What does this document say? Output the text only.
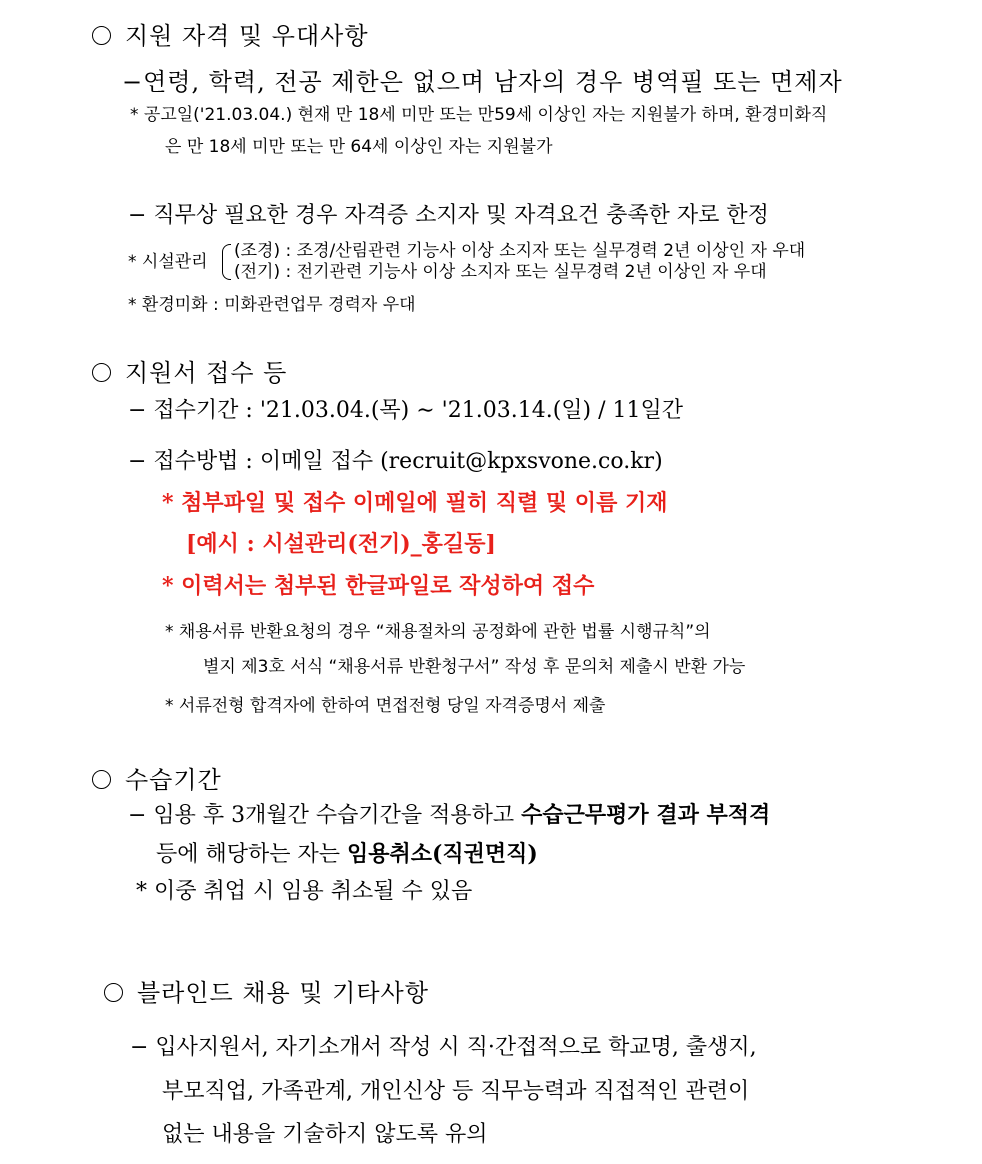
지원 자격 및 우대사항
−연령, 학력, 전공 제한은 없으며 남자의 경우 병역필 또는 면제자
* 공고일('21.03.04.) 현재 만 18세 미만 또는 만59세 이상인 자는 지원불가 하며, 환경미화직
은 만 18세 미만 또는 만 64세 이상인 자는 지원불가
− 직무상 필요한 경우 자격증 소지자 및 자격요건 충족한 자로 한정
* 시설관리
(조경) : 조경/산림관련 기능사 이상 소지자 또는 실무경력 2년 이상인 자 우대
(전기) : 전기관련 기능사 이상 소지자 또는 실무경력 2년 이상인 자 우대
* 환경미화 : 미화관련업무 경력자 우대
지원서 접수 등
− 접수기간 : '21.03.04.(목) ∼ '21.03.14.(일) / 11일간
− 접수방법 : 이메일 접수 (recruit@kpxsvone.co.kr)
* 첨부파일 및 접수 이메일에 필히 직렬 및 이름 기재
[예시 : 시설관리(전기)_홍길동]
* 이력서는 첨부된 한글파일로 작성하여 접수
* 채용서류 반환요청의 경우 “채용절차의 공정화에 관한 법률 시행규칙”의
별지 제3호 서식 “채용서류 반환청구서” 작성 후 문의처 제출시 반환 가능
* 서류전형 합격자에 한하여 면접전형 당일 자격증명서 제출
수습기간
− 임용 후 3개월간 수습기간을 적용하고 수습근무평가 결과 부적격
등에 해당하는 자는 임용취소(직권면직)
* 이중 취업 시 임용 취소될 수 있음
블라인드 채용 및 기타사항
− 입사지원서, 자기소개서 작성 시 직·간접적으로 학교명, 출생지,
부모직업, 가족관계, 개인신상 등 직무능력과 직접적인 관련이
없는 내용을 기술하지 않도록 유의
